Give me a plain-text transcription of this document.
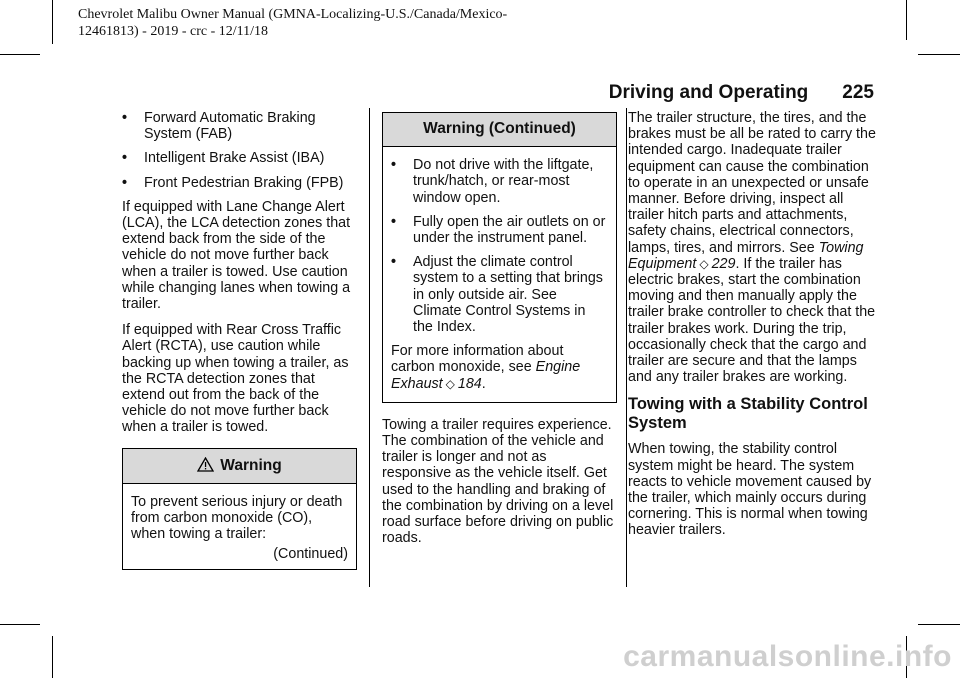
Chevrolet Malibu Owner Manual (GMNA-Localizing-U.S./Canada/Mexico-
12461813) - 2019 - crc - 12/11/18
Driving and Operating 225
•	Forward Automatic Braking System (FAB)
•	Intelligent Brake Assist (IBA)
•	Front Pedestrian Braking (FPB)

If equipped with Lane Change Alert (LCA), the LCA detection zones that extend back from the side of the vehicle do not move further back when a trailer is towed. Use caution while changing lanes when towing a trailer.

If equipped with Rear Cross Traffic Alert (RCTA), use caution while backing up when towing a trailer, as the RCTA detection zones that extend out from the back of the vehicle do not move further back when a trailer is towed.

Warning
To prevent serious injury or death from carbon monoxide (CO), when towing a trailer:
(Continued)
Warning (Continued)
•	Do not drive with the liftgate, trunk/hatch, or rear-most window open.
•	Fully open the air outlets on or under the instrument panel.
•	Adjust the climate control system to a setting that brings in only outside air. See Climate Control Systems in the Index.

For more information about carbon monoxide, see Engine Exhaust ◇ 184.

Towing a trailer requires experience. The combination of the vehicle and trailer is longer and not as responsive as the vehicle itself. Get used to the handling and braking of the combination by driving on a level road surface before driving on public roads.

The trailer structure, the tires, and the brakes must be all be rated to carry the intended cargo. Inadequate trailer equipment can cause the combination to operate in an unexpected or unsafe manner. Before driving, inspect all trailer hitch parts and attachments, safety chains, electrical connectors, lamps, tires, and mirrors. See Towing Equipment ◇ 229. If the trailer has electric brakes, start the combination moving and then manually apply the trailer brake controller to check that the trailer brakes work. During the trip, occasionally check that the cargo and trailer are secure and that the lamps and any trailer brakes are working.

Towing with a Stability Control System

When towing, the stability control system might be heard. The system reacts to vehicle movement caused by the trailer, which mainly occurs during cornering. This is normal when towing heavier trailers.

carmanualsonline.info
